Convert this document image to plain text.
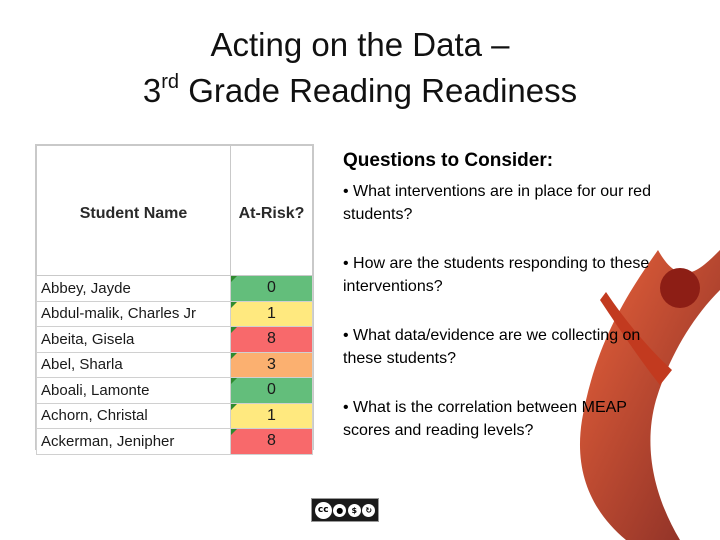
Acting on the Data –
3rd Grade Reading Readiness
Student Name	At-Risk?
Abbey, Jayde	0
Abdul-malik, Charles Jr	1
Abeita, Gisela	8
Abel, Sharla	3
Aboali, Lamonte	0
Achorn, Christal	1
Ackerman, Jenipher	8
Questions to Consider:
• What interventions are in place for our red students?
• How are the students responding to these interventions?
• What data/evidence are we collecting on these students?
• What is the correlation between MEAP scores and reading levels?
cc ●	$	↻
